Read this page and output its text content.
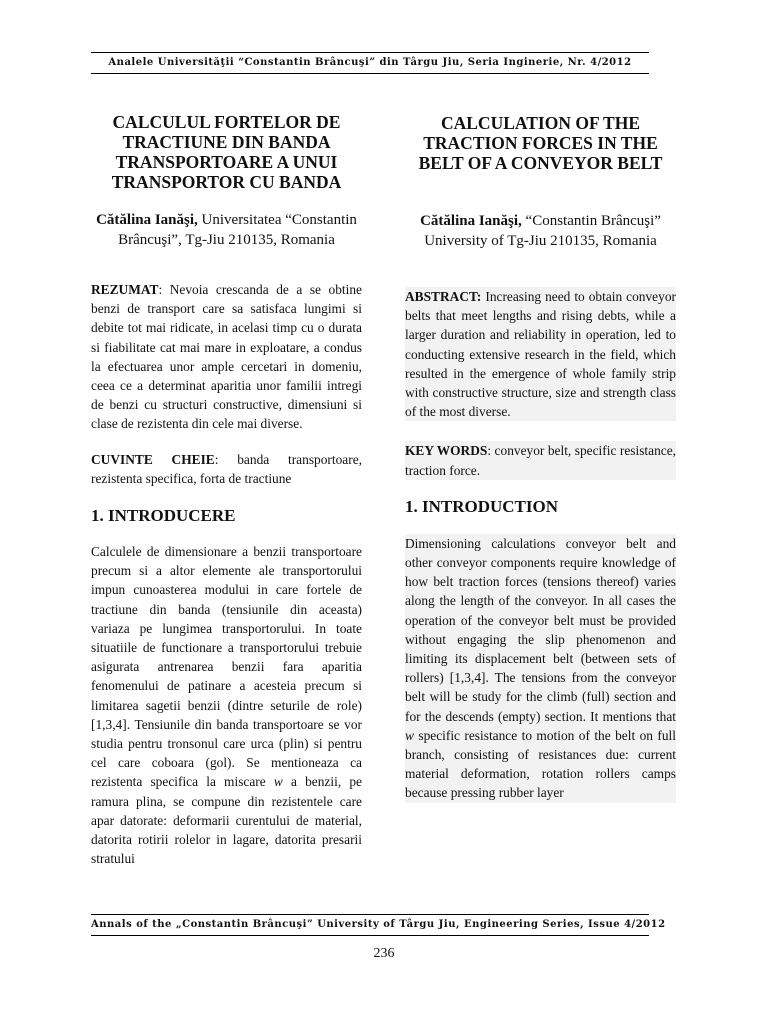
Analele Universităţii “Constantin Brâncuşi” din Târgu Jiu, Seria Inginerie, Nr. 4/2012
CALCULUL FORTELOR DE TRACTIUNE DIN BANDA TRANSPORTOARE A UNUI TRANSPORTOR CU BANDA

Cătălina Ianăşi, Universitatea “Constantin Brâncuşi”, Tg-Jiu 210135, Romania

REZUMAT: Nevoia crescanda de a se obtine benzi de transport care sa satisfaca lungimi si debite tot mai ridicate, in acelasi timp cu o durata si fiabilitate cat mai mare in exploatare, a condus la efectuarea unor ample cercetari in domeniu, ceea ce a determinat aparitia unor familii intregi de benzi cu structuri constructive, dimensiuni si clase de rezistenta din cele mai diverse.

CUVINTE CHEIE: banda transportoare, rezistenta specifica, forta de tractiune

1. INTRODUCERE

Calculele de dimensionare a benzii transportoare precum si a altor elemente ale transportorului impun cunoasterea modului in care fortele de tractiune din banda (tensiunile din aceasta) variaza pe lungimea transportorului. In toate situatiile de functionare a transportorului trebuie asigurata antrenarea benzii fara aparitia fenomenului de patinare a acesteia precum si limitarea sagetii benzii (dintre seturile de role) [1,3,4]. Tensiunile din banda transportoare se vor studia pentru tronsonul care urca (plin) si pentru cel care coboara (gol). Se mentioneaza ca rezistenta specifica la miscare w a benzii, pe ramura plina, se compune din rezistentele care apar datorate: deformarii curentului de material, datorita rotirii rolelor in lagare, datorita presarii stratului

CALCULATION OF THE TRACTION FORCES IN THE BELT OF A CONVEYOR BELT

Cătălina Ianăşi, “Constantin Brâncuşi” University of Tg-Jiu 210135, Romania

ABSTRACT: Increasing need to obtain conveyor belts that meet lengths and rising debts, while a larger duration and reliability in operation, led to conducting extensive research in the field, which resulted in the emergence of whole family strip with constructive structure, size and strength class of the most diverse.

KEY WORDS: conveyor belt, specific resistance, traction force.

1. INTRODUCTION

Dimensioning calculations conveyor belt and other conveyor components require knowledge of how belt traction forces (tensions thereof) varies along the length of the conveyor. In all cases the operation of the conveyor belt must be provided without engaging the slip phenomenon and limiting its displacement belt (between sets of rollers) [1,3,4]. The tensions from the conveyor belt will be study for the climb (full) section and for the descends (empty) section. It mentions that w specific resistance to motion of the belt on full branch, consisting of resistances due: current material deformation, rotation rollers camps because pressing rubber layer

Annals of the „Constantin Brâncuşi” University of Târgu Jiu, Engineering Series, Issue 4/2012
236
